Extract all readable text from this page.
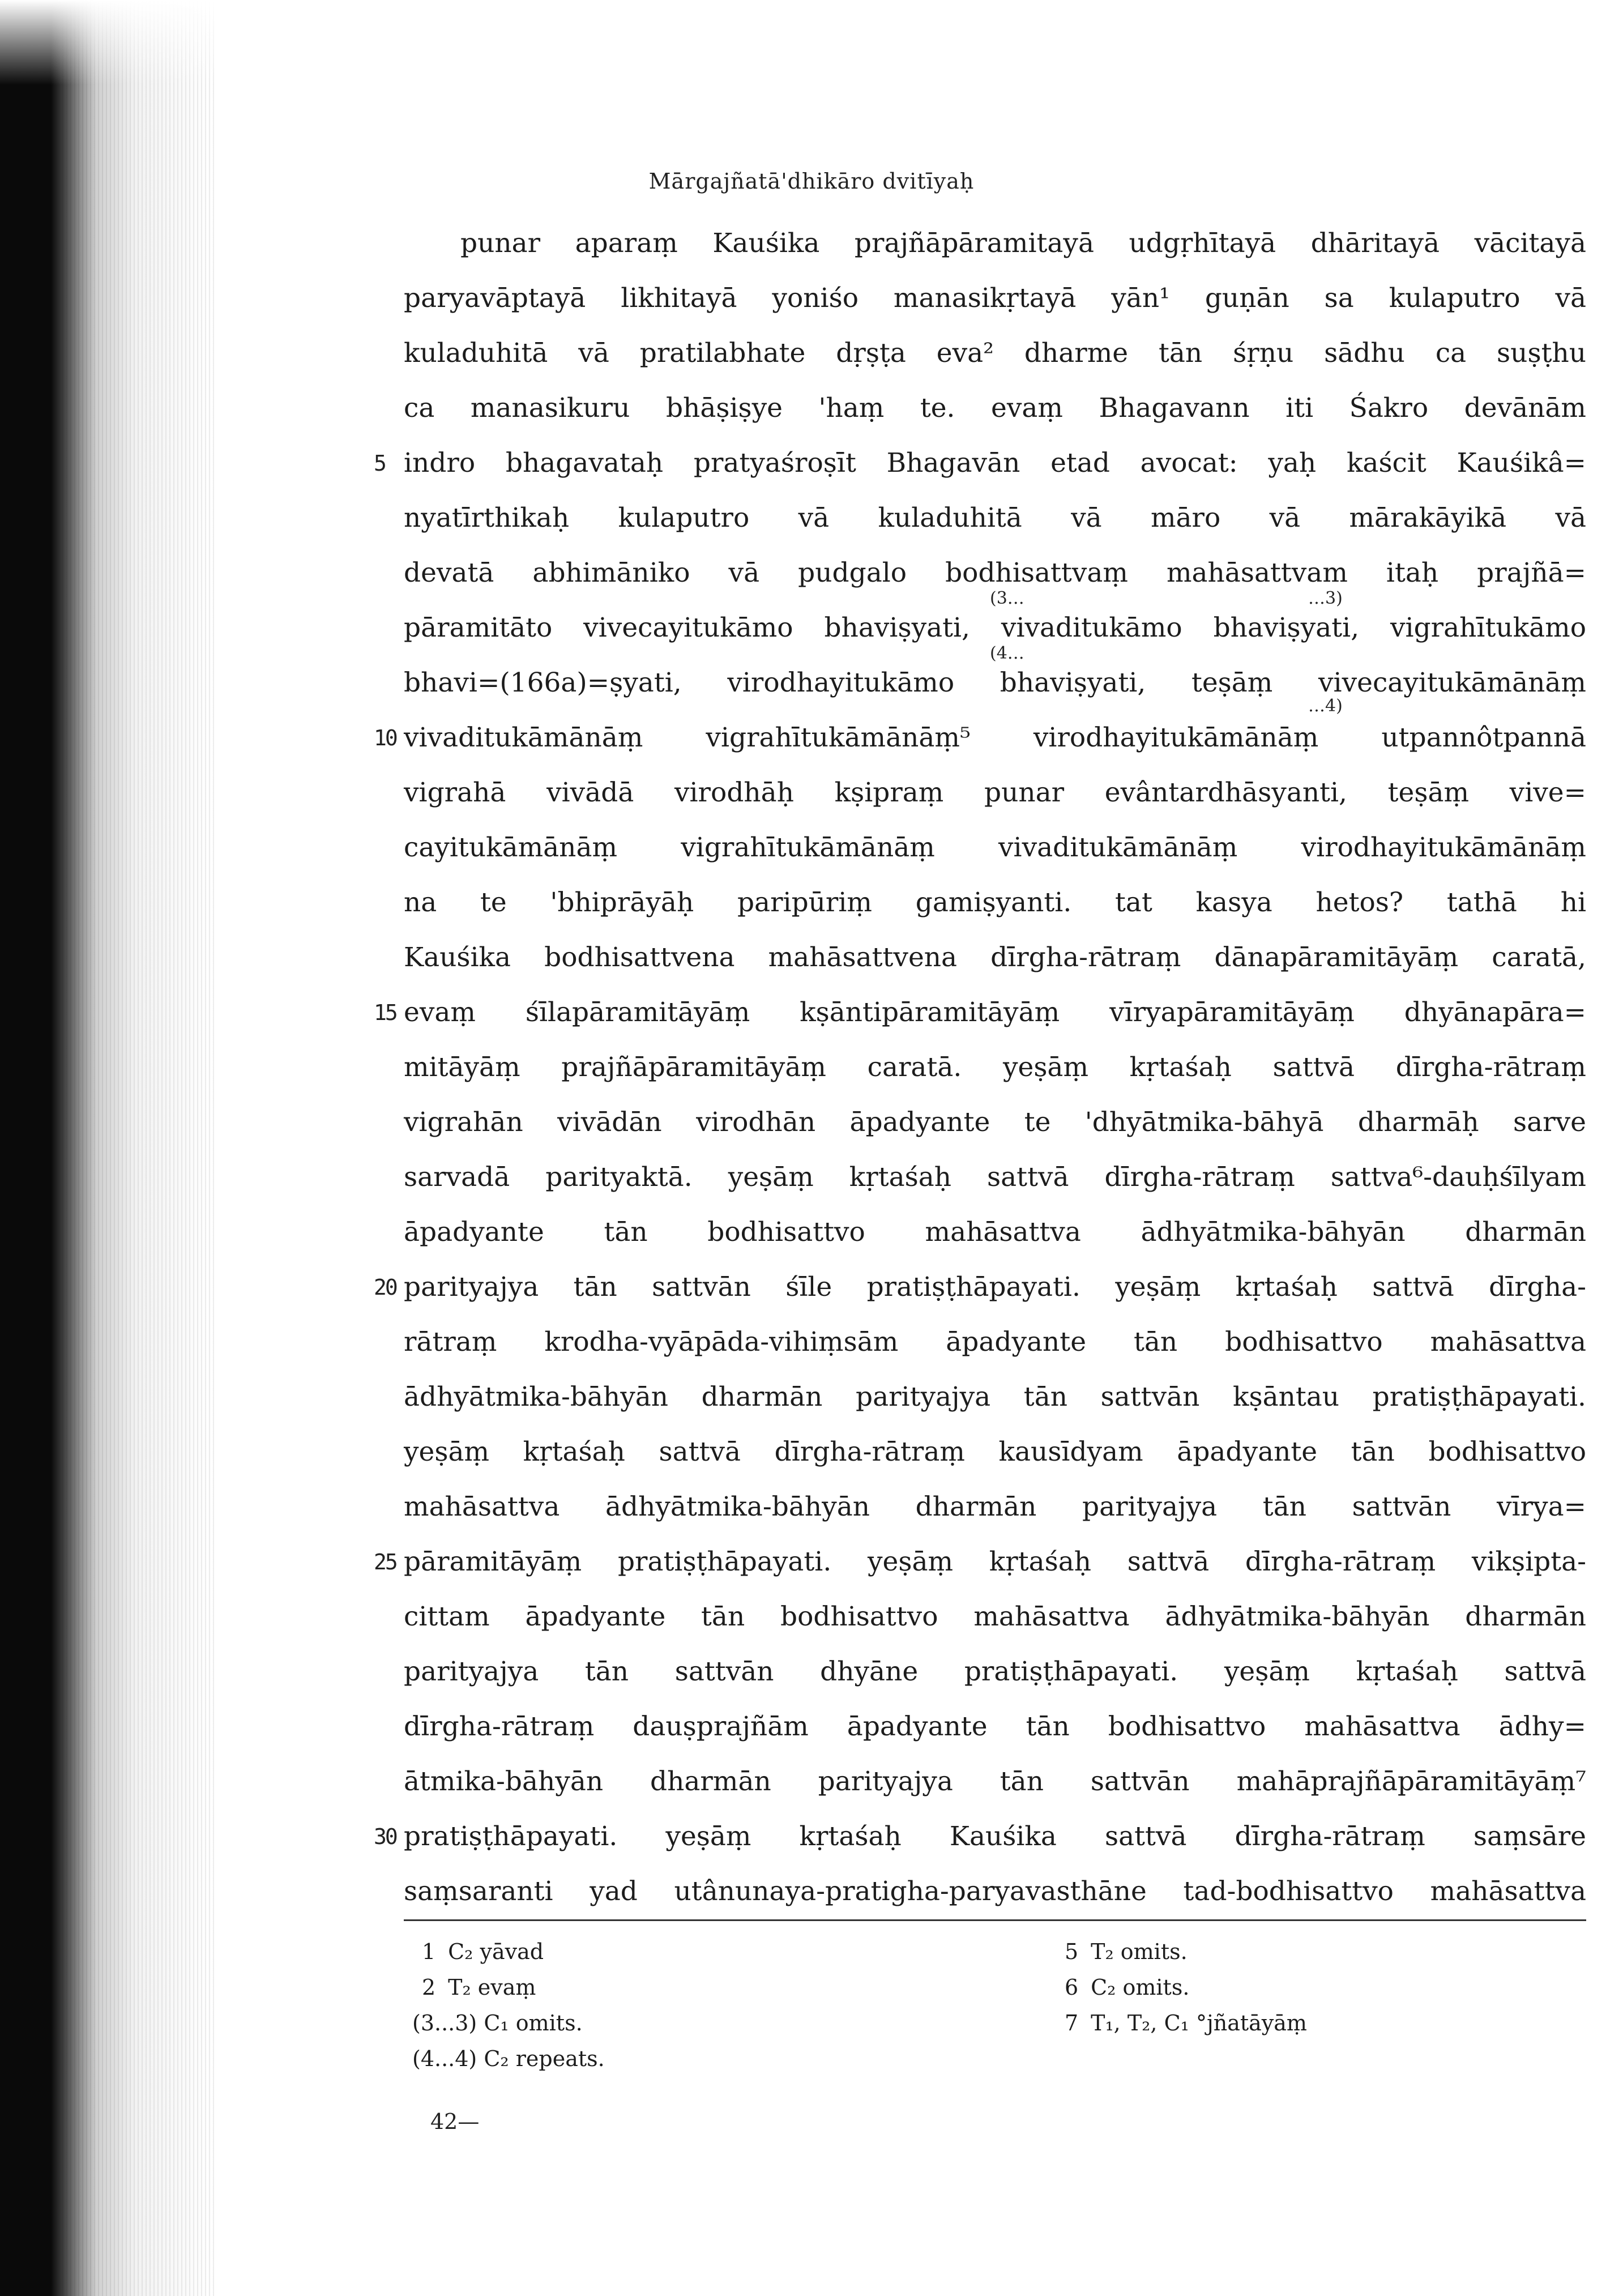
Mārgajñatā'dhikāro dvitīyaḥ
punar aparaṃ Kauśika prajñāpāramitayā udgṛhītayā dhāritayā vācitayā
paryavāptayā likhitayā yoniśo manasikṛtayā yān¹ guṇān sa kulaputro vā
kuladuhitā vā pratilabhate dṛṣṭa eva² dharme tān śṛṇu sādhu ca suṣṭhu
ca manasikuru bhāṣiṣye 'haṃ te. evaṃ Bhagavann iti Śakro devānām
indro bhagavataḥ pratyaśroṣīt Bhagavān etad avocat: yaḥ kaścit Kauśikâ=
nyatīrthikaḥ kulaputro vā kuladuhitā vā māro vā mārakāyikā vā
devatā abhimāniko vā pudgalo bodhisattvaṃ mahāsattvam itaḥ prajñā=
pāramitāto vivecayitukāmo bhaviṣyati, vivaditukāmo bhaviṣyati, vigrahītukāmo
bhavi=(166a)=ṣyati, virodhayitukāmo bhaviṣyati, teṣāṃ vivecayitukāmānāṃ
vivaditukāmānāṃ vigrahītukāmānāṃ⁵ virodhayitukāmānāṃ utpannôtpannā
vigrahā vivādā virodhāḥ kṣipraṃ punar evântardhāsyanti, teṣāṃ vive=
cayitukāmānāṃ vigrahītukāmānāṃ vivaditukāmānāṃ virodhayitukāmānāṃ
na te 'bhiprāyāḥ paripūriṃ gamiṣyanti. tat kasya hetos? tathā hi
Kauśika bodhisattvena mahāsattvena dīrgha-rātraṃ dānapāramitāyāṃ caratā,
evaṃ śīlapāramitāyāṃ kṣāntipāramitāyāṃ vīryapāramitāyāṃ dhyānapāra=
mitāyāṃ prajñāpāramitāyāṃ caratā. yeṣāṃ kṛtaśaḥ sattvā dīrgha-rātraṃ
vigrahān vivādān virodhān āpadyante te 'dhyātmika-bāhyā dharmāḥ sarve
sarvadā parityaktā. yeṣāṃ kṛtaśaḥ sattvā dīrgha-rātraṃ sattva⁶-dauḥśīlyam
āpadyante tān bodhisattvo mahāsattva ādhyātmika-bāhyān dharmān
parityajya tān sattvān śīle pratiṣṭhāpayati. yeṣāṃ kṛtaśaḥ sattvā dīrgha-
rātraṃ krodha-vyāpāda-vihiṃsām āpadyante tān bodhisattvo mahāsattva
ādhyātmika-bāhyān dharmān parityajya tān sattvān kṣāntau pratiṣṭhāpayati.
yeṣāṃ kṛtaśaḥ sattvā dīrgha-rātraṃ kausīdyam āpadyante tān bodhisattvo
mahāsattva ādhyātmika-bāhyān dharmān parityajya tān sattvān vīrya=
pāramitāyāṃ pratiṣṭhāpayati. yeṣāṃ kṛtaśaḥ sattvā dīrgha-rātraṃ vikṣipta-
cittam āpadyante tān bodhisattvo mahāsattva ādhyātmika-bāhyān dharmān
parityajya tān sattvān dhyāne pratiṣṭhāpayati. yeṣāṃ kṛtaśaḥ sattvā
dīrgha-rātraṃ dauṣprajñām āpadyante tān bodhisattvo mahāsattva ādhy=
ātmika-bāhyān dharmān parityajya tān sattvān mahāprajñāpāramitāyāṃ⁷
pratiṣṭhāpayati. yeṣāṃ kṛtaśaḥ Kauśika sattvā dīrgha-rātraṃ saṃsāre
saṃsaranti yad utânunaya-pratigha-paryavasthāne tad-bodhisattvo mahāsattva
5
10
15
20
25
30
(3…	…3)
(4…
…4)
1 C₂ yāvad
2 T₂ evaṃ
(3...3) C₁ omits.
(4...4) C₂ repeats.
5 T₂ omits.
6 C₂ omits.
7 T₁, T₂, C₁ °jñatāyāṃ
42—
